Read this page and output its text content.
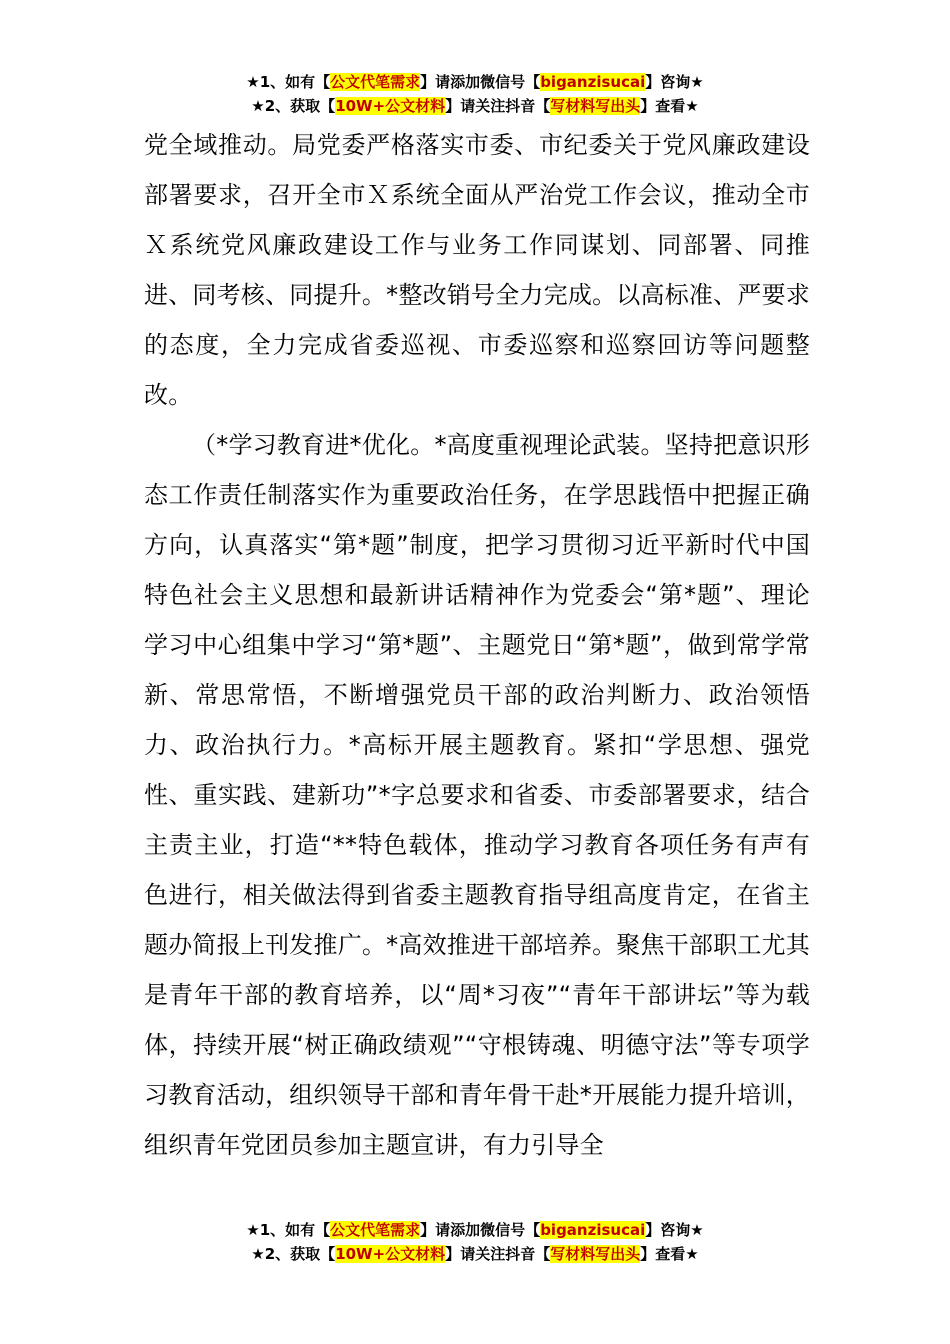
★1、如有【公文代笔需求】请添加微信号【biganzisucai】咨询★
★2、获取【10W+公文材料】请关注抖音【写材料写出头】查看★

党全域推动。局党委严格落实市委、市纪委关于党风廉政建设部署要求，召开全市Ｘ系统全面从严治党工作会议，推动全市Ｘ系统党风廉政建设工作与业务工作同谋划、同部署、同推进、同考核、同提升。*整改销号全力完成。以高标准、严要求的态度，全力完成省委巡视、市委巡察和巡察回访等问题整改。

（*学习教育进*优化。*高度重视理论武装。坚持把意识形态工作责任制落实作为重要政治任务，在学思践悟中把握正确方向，认真落实“第*题”制度，把学习贯彻习近平新时代中国特色社会主义思想和最新讲话精神作为党委会“第*题”、理论学习中心组集中学习“第*题”、主题党日“第*题”，做到常学常新、常思常悟，不断增强党员干部的政治判断力、政治领悟力、政治执行力。*高标开展主题教育。紧扣“学思想、强党性、重实践、建新功”*字总要求和省委、市委部署要求，结合主责主业，打造“**特色载体，推动学习教育各项任务有声有色进行，相关做法得到省委主题教育指导组高度肯定，在省主题办简报上刊发推广。*高效推进干部培养。聚焦干部职工尤其是青年干部的教育培养，以“周*习夜”“青年干部讲坛”等为载体，持续开展“树正确政绩观”“守根铸魂、明德守法”等专项学习教育活动，组织领导干部和青年骨干赴*开展能力提升培训，组织青年党团员参加主题宣讲，有力引导全

★1、如有【公文代笔需求】请添加微信号【biganzisucai】咨询★
★2、获取【10W+公文材料】请关注抖音【写材料写出头】查看★
